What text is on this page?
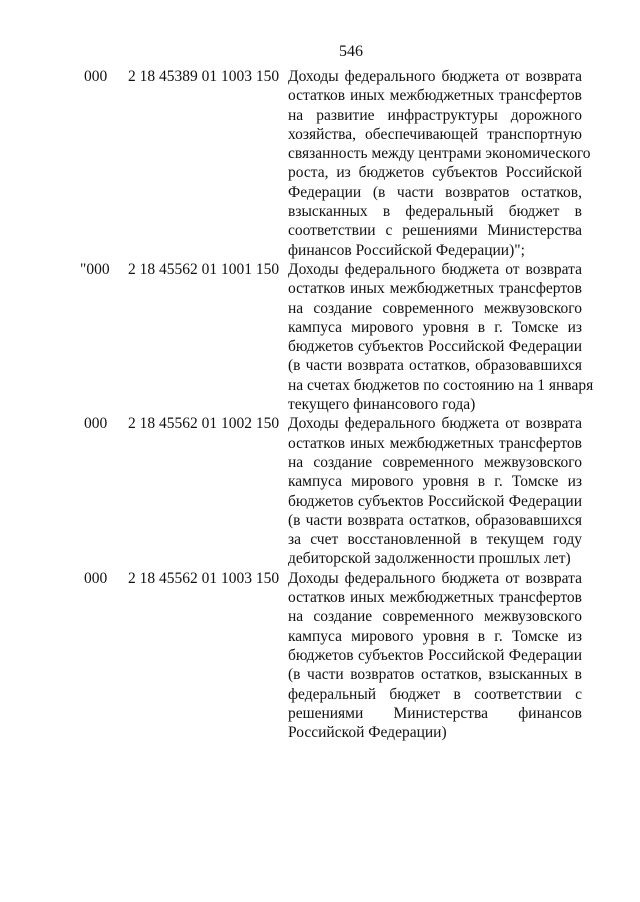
546
000 2 18 45389 01 1003 150 Доходы федерального бюджета от возврата
остатков иных межбюджетных трансфертов
на развитие инфраструктуры дорожного
хозяйства, обеспечивающей транспортную
связанность между центрами экономического
роста, из бюджетов субъектов Российской
Федерации (в части возвратов остатков,
взысканных в федеральный бюджет в
соответствии с решениями Министерства
финансов Российской Федерации)";
"000 2 18 45562 01 1001 150 Доходы федерального бюджета от возврата
остатков иных межбюджетных трансфертов
на создание современного межвузовского
кампуса мирового уровня в г. Томске из
бюджетов субъектов Российской Федерации
(в части возврата остатков, образовавшихся
на счетах бюджетов по состоянию на 1 января
текущего финансового года)
000 2 18 45562 01 1002 150 Доходы федерального бюджета от возврата
остатков иных межбюджетных трансфертов
на создание современного межвузовского
кампуса мирового уровня в г. Томске из
бюджетов субъектов Российской Федерации
(в части возврата остатков, образовавшихся
за счет восстановленной в текущем году
дебиторской задолженности прошлых лет)
000 2 18 45562 01 1003 150 Доходы федерального бюджета от возврата
остатков иных межбюджетных трансфертов
на создание современного межвузовского
кампуса мирового уровня в г. Томске из
бюджетов субъектов Российской Федерации
(в части возвратов остатков, взысканных в
федеральный бюджет в соответствии с
решениями Министерства финансов
Российской Федерации)
